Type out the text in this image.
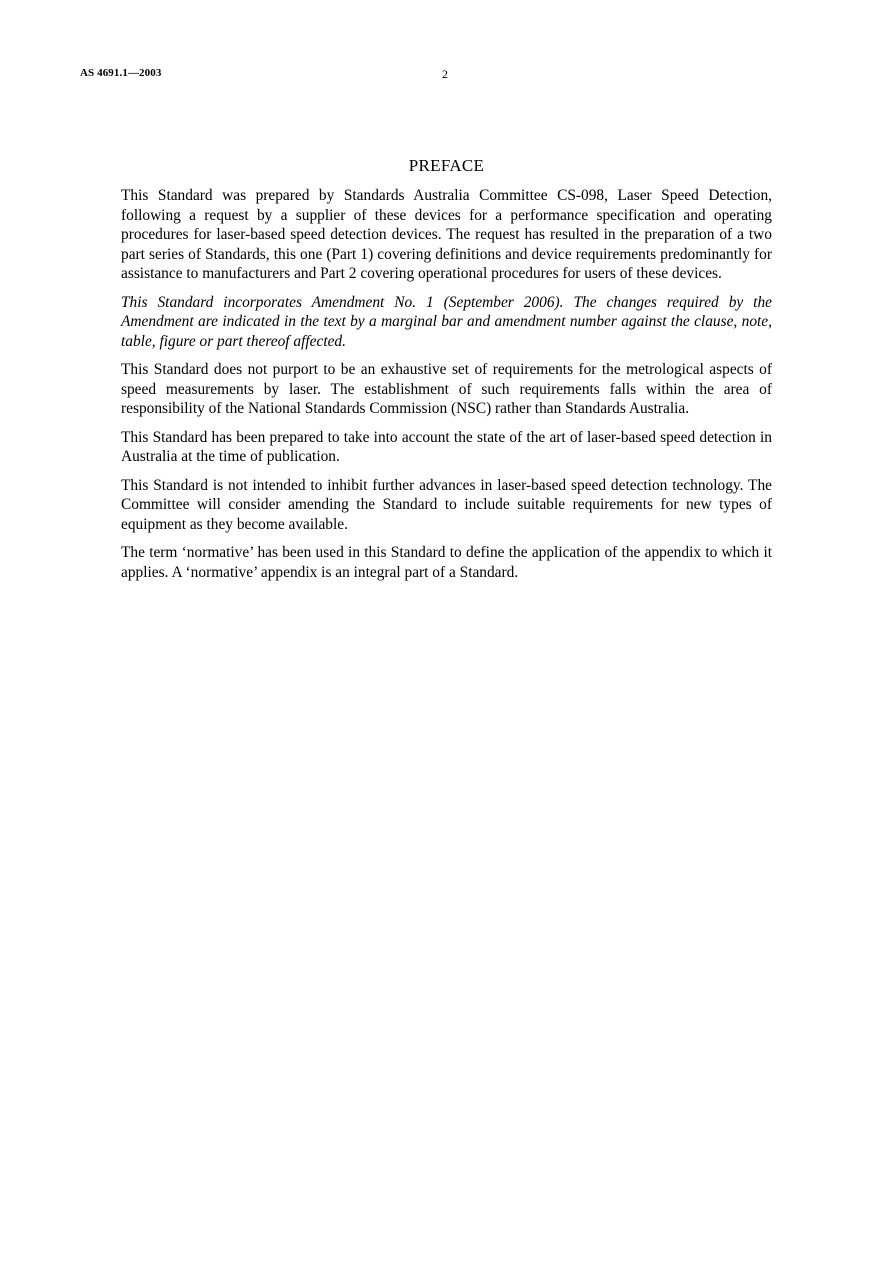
AS 4691.1—2003	2
PREFACE

This Standard was prepared by Standards Australia Committee CS-098, Laser Speed Detection, following a request by a supplier of these devices for a performance specification and operating procedures for laser-based speed detection devices. The request has resulted in the preparation of a two part series of Standards, this one (Part 1) covering definitions and device requirements predominantly for assistance to manufacturers and Part 2 covering operational procedures for users of these devices.

This Standard incorporates Amendment No. 1 (September 2006). The changes required by the Amendment are indicated in the text by a marginal bar and amendment number against the clause, note, table, figure or part thereof affected.

This Standard does not purport to be an exhaustive set of requirements for the metrological aspects of speed measurements by laser. The establishment of such requirements falls within the area of responsibility of the National Standards Commission (NSC) rather than Standards Australia.

This Standard has been prepared to take into account the state of the art of laser-based speed detection in Australia at the time of publication.

This Standard is not intended to inhibit further advances in laser-based speed detection technology. The Committee will consider amending the Standard to include suitable requirements for new types of equipment as they become available.

The term ‘normative’ has been used in this Standard to define the application of the appendix to which it applies. A ‘normative’ appendix is an integral part of a Standard.
